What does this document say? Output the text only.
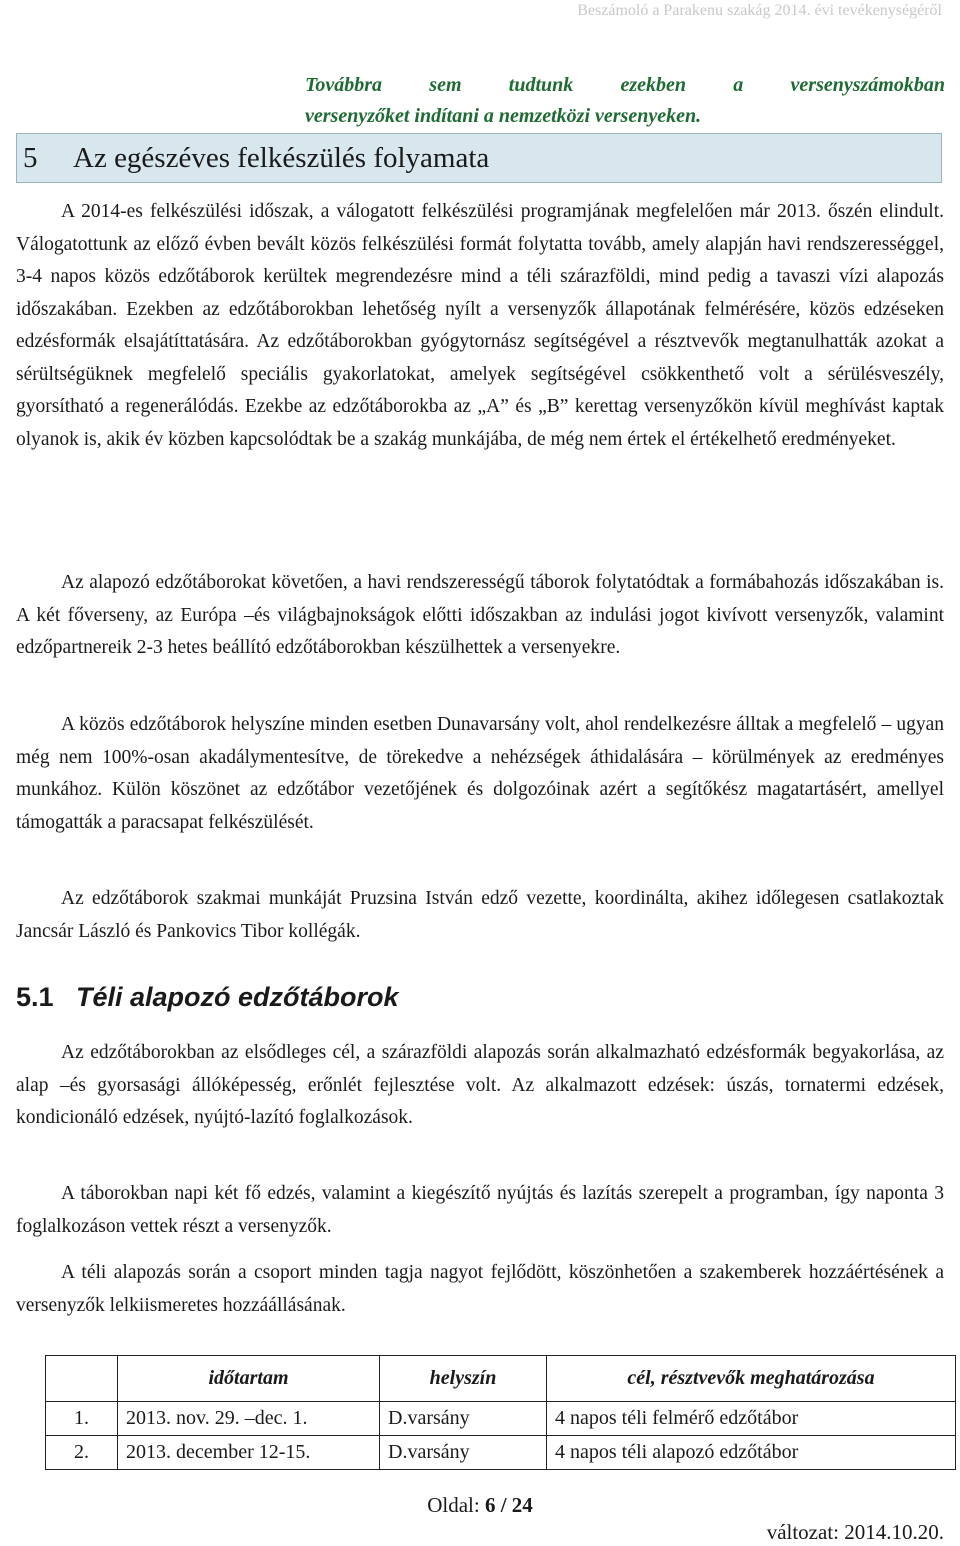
Beszámoló a Parakenu szakág 2014. évi tevékenységéről
Továbbra sem tudtunk ezekben a versenyszámokban
versenyzőket indítani a nemzetközi versenyeken.
5 Az egészéves felkészülés folyamata

A 2014-es felkészülési időszak, a válogatott felkészülési programjának megfelelően már 2013. őszén elindult. Válogatottunk az előző évben bevált közös felkészülési formát folytatta tovább, amely alapján havi rendszerességgel, 3-4 napos közös edzőtáborok kerültek megrendezésre mind a téli szárazföldi, mind pedig a tavaszi vízi alapozás időszakában. Ezekben az edzőtáborokban lehetőség nyílt a versenyzők állapotának felmérésére, közös edzéseken edzésformák elsajátíttatására. Az edzőtáborokban gyógytornász segítségével a résztvevők megtanulhatták azokat a sérültségüknek megfelelő speciális gyakorlatokat, amelyek segítségével csökkenthető volt a sérülésveszély, gyorsítható a regenerálódás. Ezekbe az edzőtáborokba az „A” és „B” kerettag versenyzőkön kívül meghívást kaptak olyanok is, akik év közben kapcsolódtak be a szakág munkájába, de még nem értek el értékelhető eredményeket.

Az alapozó edzőtáborokat követően, a havi rendszerességű táborok folytatódtak a formábahozás időszakában is. A két főverseny, az Európa –és világbajnokságok előtti időszakban az indulási jogot kivívott versenyzők, valamint edzőpartnereik 2-3 hetes beállító edzőtáborokban készülhettek a versenyekre.

A közös edzőtáborok helyszíne minden esetben Dunavarsány volt, ahol rendelkezésre álltak a megfelelő – ugyan még nem 100%-osan akadálymentesítve, de törekedve a nehézségek áthidalására – körülmények az eredményes munkához. Külön köszönet az edzőtábor vezetőjének és dolgozóinak azért a segítőkész magatartásért, amellyel támogatták a paracsapat felkészülését.

Az edzőtáborok szakmai munkáját Pruzsina István edző vezette, koordinálta, akihez időlegesen csatlakoztak Jancsár László és Pankovics Tibor kollégák.

5.1 Téli alapozó edzőtáborok

Az edzőtáborokban az elsődleges cél, a szárazföldi alapozás során alkalmazható edzésformák begyakorlása, az alap –és gyorsasági állóképesség, erőnlét fejlesztése volt. Az alkalmazott edzések: úszás, tornatermi edzések, kondicionáló edzések, nyújtó-lazító foglalkozások.

A táborokban napi két fő edzés, valamint a kiegészítő nyújtás és lazítás szerepelt a programban, így naponta 3 foglalkozáson vettek részt a versenyzők.

A téli alapozás során a csoport minden tagja nagyot fejlődött, köszönhetően a szakemberek hozzáértésének a versenyzők lelkiismeretes hozzáállásának.

	időtartam	helyszín	cél, résztvevők meghatározása
1.	2013. nov. 29. –dec. 1.	D.varsány	4 napos téli felmérő edzőtábor
2.	2013. december 12-15.	D.varsány	4 napos téli alapozó edzőtábor
Oldal: 6 / 24
változat: 2014.10.20.
